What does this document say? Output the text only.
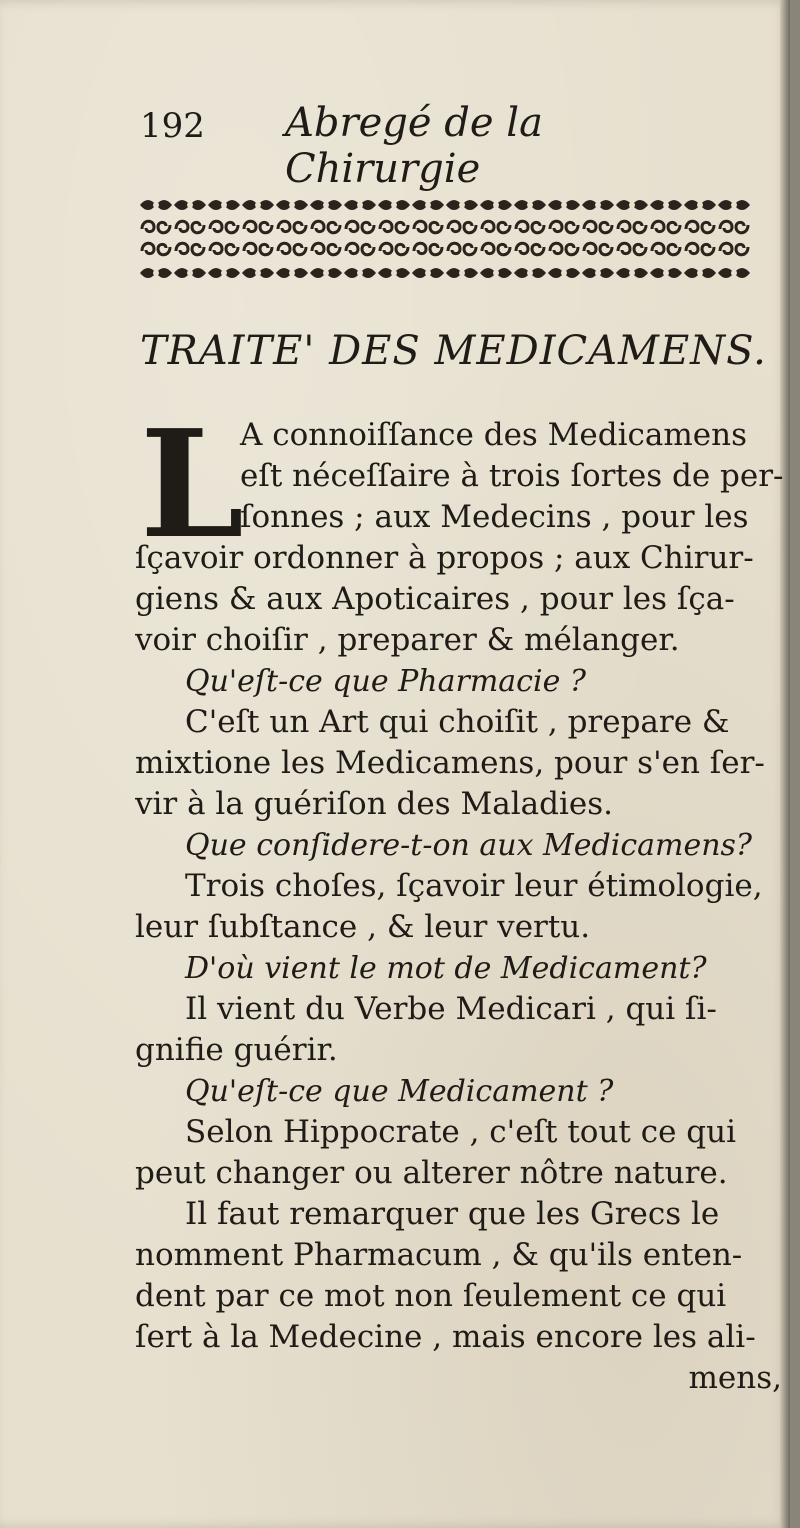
192 Abregé de la Chirurgie
TRAITE' DES MEDICAMENS.
L
A connoiſſance des Medicamens
eſt néceſſaire à trois ſortes de per-
ſonnes ; aux Medecins , pour les
ſçavoir ordonner à propos ; aux Chirur-
giens & aux Apoticaires , pour les ſça-
voir choiſir , preparer & mélanger.
Qu'eſt-ce que Pharmacie ?
C'eſt un Art qui choiſit , prepare &
mixtione les Medicamens, pour s'en ſer-
vir à la guériſon des Maladies.
Que conſidere-t-on aux Medicamens?
Trois choſes, ſçavoir leur étimologie,
leur ſubſtance , & leur vertu.
D'où vient le mot de Medicament?
Il vient du Verbe Medicari , qui ſi-
gnifie guérir.
Qu'eſt-ce que Medicament ?
Selon Hippocrate , c'eſt tout ce qui
peut changer ou alterer nôtre nature.
Il faut remarquer que les Grecs le
nomment Pharmacum , & qu'ils enten-
dent par ce mot non ſeulement ce qui
ſert à la Medecine , mais encore les ali-
mens,
